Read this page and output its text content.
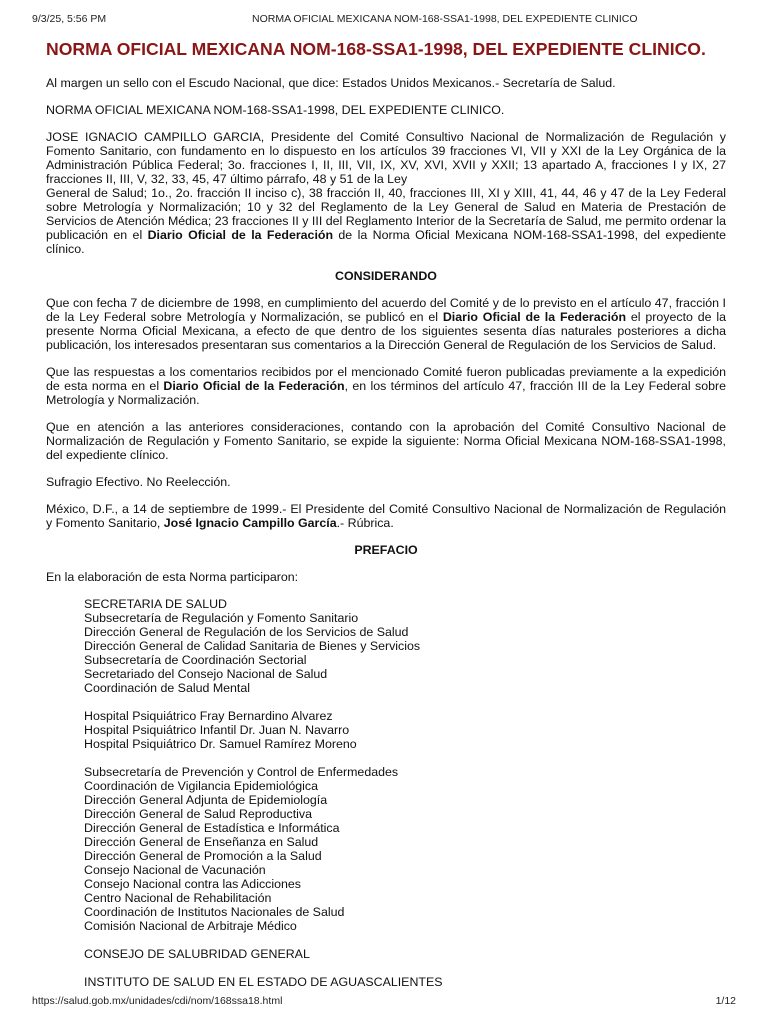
9/3/25, 5:56 PM	NORMA OFICIAL MEXICANA NOM-168-SSA1-1998, DEL EXPEDIENTE CLINICO
NORMA OFICIAL MEXICANA NOM-168-SSA1-1998, DEL EXPEDIENTE CLINICO.

Al margen un sello con el Escudo Nacional, que dice: Estados Unidos Mexicanos.- Secretaría de Salud.

NORMA OFICIAL MEXICANA NOM-168-SSA1-1998, DEL EXPEDIENTE CLINICO.

JOSE IGNACIO CAMPILLO GARCIA, Presidente del Comité Consultivo Nacional de Normalización de Regulación y Fomento Sanitario, con fundamento en lo dispuesto en los artículos 39 fracciones VI, VII y XXI de la Ley Orgánica de la Administración Pública Federal; 3o. fracciones I, II, III, VII, IX, XV, XVI, XVII y XXII; 13 apartado A, fracciones I y IX, 27 fracciones II, III, V, 32, 33, 45, 47 último párrafo, 48 y 51 de la Ley
General de Salud; 1o., 2o. fracción II inciso c), 38 fracción II, 40, fracciones III, XI y XIII, 41, 44, 46 y 47 de la Ley Federal sobre Metrología y Normalización; 10 y 32 del Reglamento de la Ley General de Salud en Materia de Prestación de Servicios de Atención Médica; 23 fracciones II y III del Reglamento Interior de la Secretaría de Salud, me permito ordenar la publicación en el Diario Oficial de la Federación de la Norma Oficial Mexicana NOM-168-SSA1-1998, del expediente clínico.

CONSIDERANDO

Que con fecha 7 de diciembre de 1998, en cumplimiento del acuerdo del Comité y de lo previsto en el artículo 47, fracción I de la Ley Federal sobre Metrología y Normalización, se publicó en el Diario Oficial de la Federación el proyecto de la presente Norma Oficial Mexicana, a efecto de que dentro de los siguientes sesenta días naturales posteriores a dicha publicación, los interesados presentaran sus comentarios a la Dirección General de Regulación de los Servicios de Salud.

Que las respuestas a los comentarios recibidos por el mencionado Comité fueron publicadas previamente a la expedición de esta norma en el Diario Oficial de la Federación, en los términos del artículo 47, fracción III de la Ley Federal sobre Metrología y Normalización.

Que en atención a las anteriores consideraciones, contando con la aprobación del Comité Consultivo Nacional de Normalización de Regulación y Fomento Sanitario, se expide la siguiente: Norma Oficial Mexicana NOM-168-SSA1-1998, del expediente clínico.

Sufragio Efectivo. No Reelección.

México, D.F., a 14 de septiembre de 1999.- El Presidente del Comité Consultivo Nacional de Normalización de Regulación y Fomento Sanitario, José Ignacio Campillo García.- Rúbrica.

PREFACIO

En la elaboración de esta Norma participaron:

SECRETARIA DE SALUD
Subsecretaría de Regulación y Fomento Sanitario
Dirección General de Regulación de los Servicios de Salud
Dirección General de Calidad Sanitaria de Bienes y Servicios
Subsecretaría de Coordinación Sectorial
Secretariado del Consejo Nacional de Salud
Coordinación de Salud Mental
Hospital Psiquiátrico Fray Bernardino Alvarez
Hospital Psiquiátrico Infantil Dr. Juan N. Navarro
Hospital Psiquiátrico Dr. Samuel Ramírez Moreno
Subsecretaría de Prevención y Control de Enfermedades
Coordinación de Vigilancia Epidemiológica
Dirección General Adjunta de Epidemiología
Dirección General de Salud Reproductiva
Dirección General de Estadística e Informática
Dirección General de Enseñanza en Salud
Dirección General de Promoción a la Salud
Consejo Nacional de Vacunación
Consejo Nacional contra las Adicciones
Centro Nacional de Rehabilitación
Coordinación de Institutos Nacionales de Salud
Comisión Nacional de Arbitraje Médico
CONSEJO DE SALUBRIDAD GENERAL
INSTITUTO DE SALUD EN EL ESTADO DE AGUASCALIENTES
https://salud.gob.mx/unidades/cdi/nom/168ssa18.html	1/12
